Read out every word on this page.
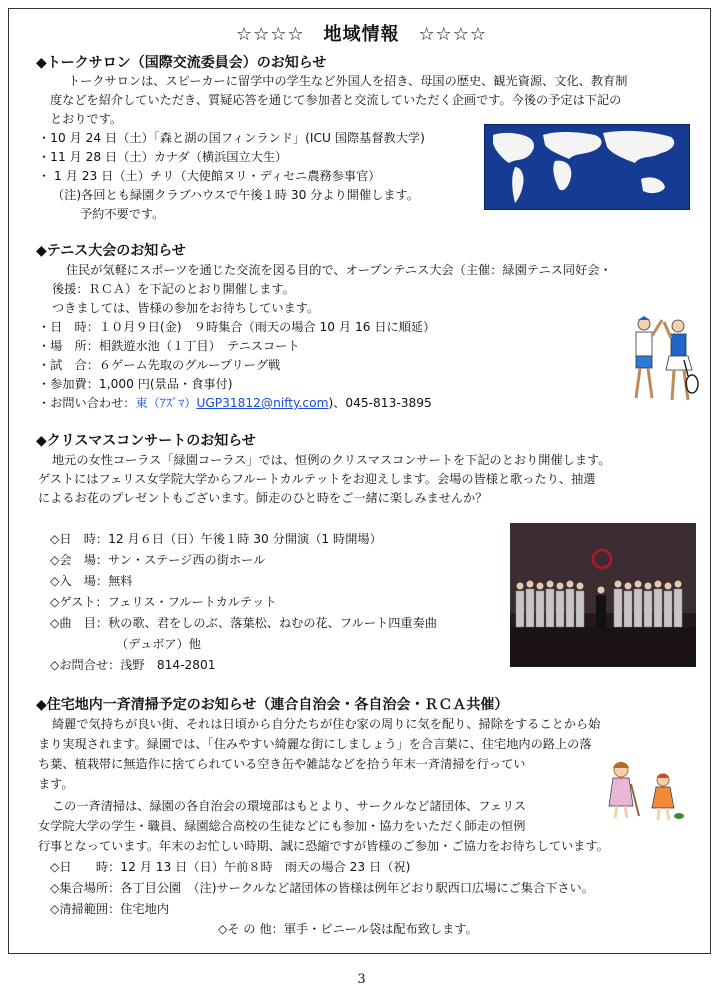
☆☆☆☆　地域情報　☆☆☆☆
◆トークサロン（国際交流委員会）のお知らせ
トークサロンは、スピーカーに留学中の学生など外国人を招き、母国の歴史、観光資源、文化、教育制
度などを紹介していただき、質疑応答を通じて参加者と交流していただく企画です。今後の予定は下記の
とおりです。
・10 月 24 日（土）「森と湖の国フィンランド」(ICU 国際基督教大学)
・11 月 28 日（土）カナダ（横浜国立大生）
・ 1 月 23 日（土）チリ（大使館ヌリ・ディセニ農務参事官）
（注)各回とも緑園クラブハウスで午後１時 30 分より開催します。
予約不要です。
◆テニス大会のお知らせ
住民が気軽にスポーツを通じた交流を図る目的で、オープンテニス大会（主催：緑園テニス同好会・
後援：ＲＣＡ）を下記のとおり開催します。
つきましては、皆様の参加をお待ちしています。
・日　時：１０月９日(金)　９時集合（雨天の場合 10 月 16 日に順延）
・場　所：相鉄遊水池（１丁目）　テニスコート
・試　合：６ゲーム先取のグループリーグ戦
・参加費：1,000 円(景品・食事付)
・お問い合わせ：東（ｱｽﾞﾏ）UGP31812@nifty.com)、045-813-3895
◆クリスマスコンサートのお知らせ
地元の女性コーラス「緑園コーラス」では、恒例のクリスマスコンサートを下記のとおり開催します。
ゲストにはフェリス女学院大学からフルートカルテットをお迎えします。会場の皆様と歌ったり、抽選
によるお花のプレゼントもございます。師走のひと時をご一緒に楽しみませんか？
◇日　時：12 月６日（日）午後１時 30 分開演（1 時開場）
◇会　場：サン・ステージ西の街ホール
◇入　場：無料
◇ゲスト：フェリス・フルートカルテット
◇曲　目：秋の歌、君をしのぶ、落葉松、ねむの花、フルート四重奏曲
（デュボア）他
◇お問合せ：浅野　814-2801
◆住宅地内一斉清掃予定のお知らせ（連合自治会・各自治会・ＲＣＡ共催）
綺麗で気持ちが良い街、それは日頃から自分たちが住む家の周りに気を配り、掃除をすることから始
まり実現されます。緑園では、「住みやすい綺麗な街にしましょう」を合言葉に、住宅地内の路上の落
ち葉、植栽帯に無造作に捨てられている空き缶や雑誌などを拾う年末一斉清掃を行ってい
ます。
この一斉清掃は、緑園の各自治会の環境部はもとより、サークルなど諸団体、フェリス
女学院大学の学生・職員、緑園総合高校の生徒などにも参加・協力をいただく師走の恒例
行事となっています。年末のお忙しい時期、誠に恐縮ですが皆様のご参加・ご協力をお待ちしています。
◇日　　時：12 月 13 日（日）午前８時　雨天の場合 23 日（祝)
◇集合場所：各丁目公園　（注)サークルなど諸団体の皆様は例年どおり駅西口広場にご集合下さい。
◇清掃範囲：住宅地内
◇そ の 他：軍手・ビニール袋は配布致します。
3
